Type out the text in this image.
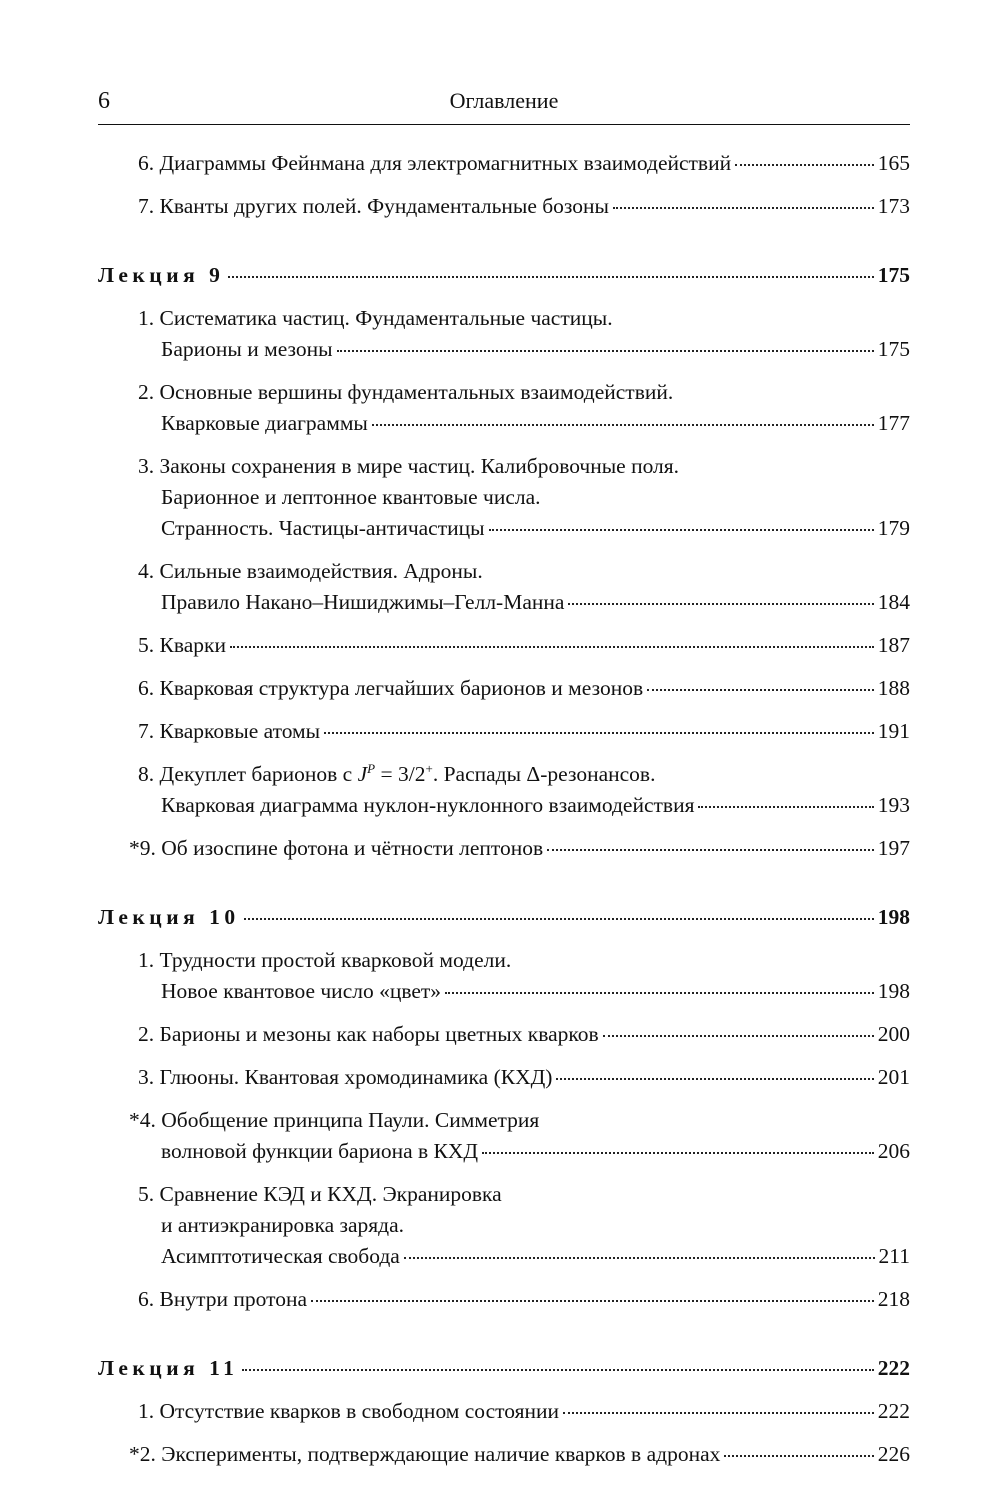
6	Оглавление
6. Диаграммы Фейнмана для электромагнитных взаимодействий	165
7. Кванты других полей. Фундаментальные бозоны	173
Лекция 9	175
1. Систематика частиц. Фундаментальные частицы.
Барионы и мезоны	175
2. Основные вершины фундаментальных взаимодействий.
Кварковые диаграммы	177
3. Законы сохранения в мире частиц. Калибровочные поля.
Барионное и лептонное квантовые числа.
Странность. Частицы-античастицы	179
4. Сильные взаимодействия. Адроны.
Правило Накано–Нишиджимы–Гелл-Манна	184
5. Кварки	187
6. Кварковая структура легчайших барионов и мезонов	188
7. Кварковые атомы	191
8. Декуплет барионов с $J^P = 3/2^+$. Распады Δ-резонансов.
Кварковая диаграмма нуклон-нуклонного взаимодействия	193
*9. Об изоспине фотона и чётности лептонов	197
Лекция 10	198
1. Трудности простой кварковой модели.
Новое квантовое число «цвет»	198
2. Барионы и мезоны как наборы цветных кварков	200
3. Глюоны. Квантовая хромодинамика (КХД)	201
*4. Обобщение принципа Паули. Симметрия
волновой функции бариона в КХД	206
5. Сравнение КЭД и КХД. Экранировка
и антиэкранировка заряда.
Асимптотическая свобода	211
6. Внутри протона	218
Лекция 11	222
1. Отсутствие кварков в свободном состоянии	222
*2. Эксперименты, подтверждающие наличие кварков в адронах	226
